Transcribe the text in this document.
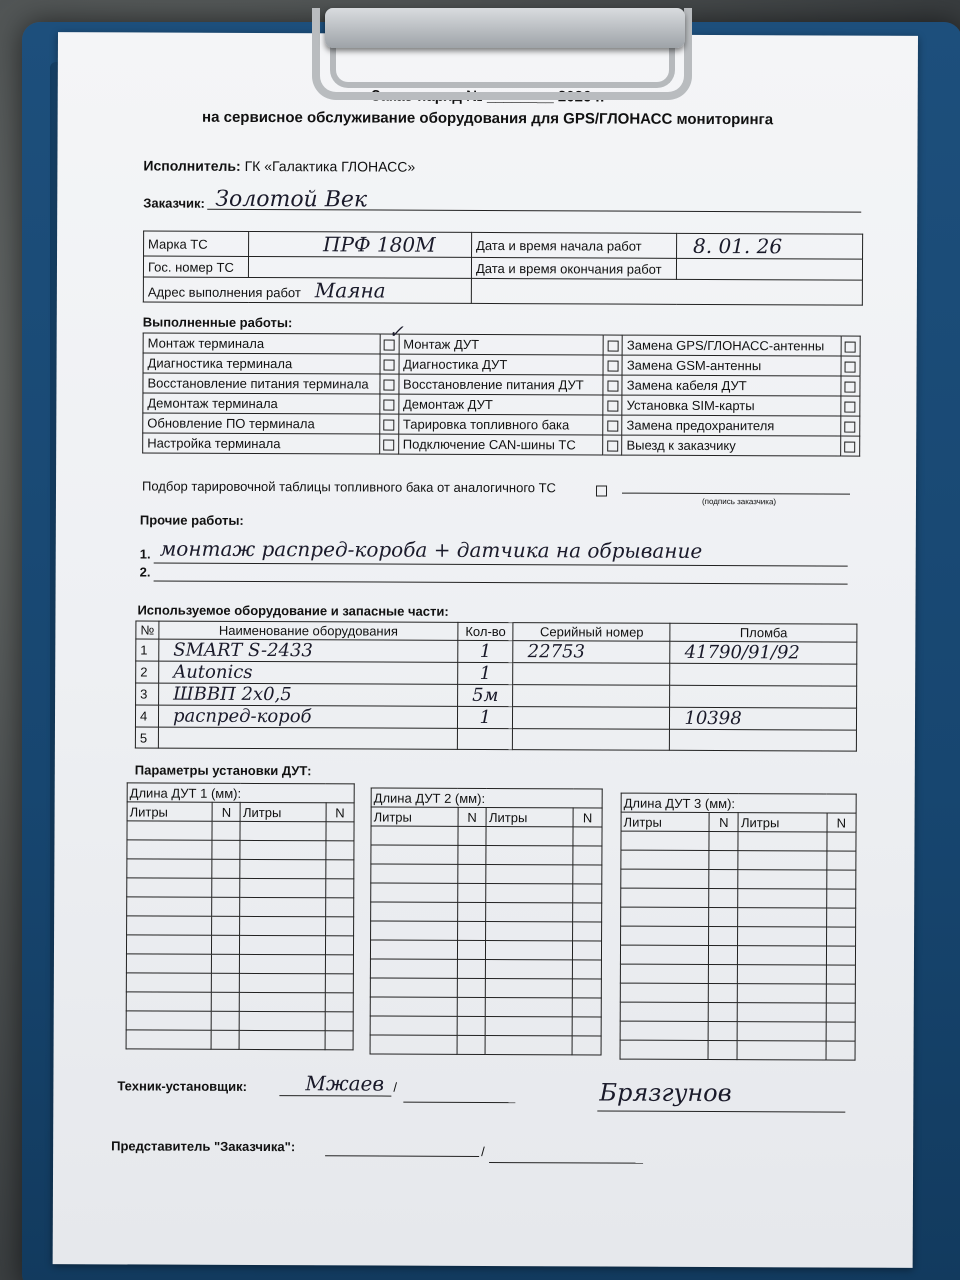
Заказ-наряд № ________ 2026 г.
на сервисное обслуживание оборудования для GPS/ГЛОНАСС мониторинга
Исполнитель: ГК «Галактика ГЛОНАСС»
Заказчик: Золотой Век
Марка ТС	ПРФ 180М	Дата и время начала работ	8. 01. 26
Гос. номер ТС		Дата и время окончания работ	
Адрес выполнения работ Маяна			
Выполненные работы:
Монтаж терминала		Монтаж ДУТ		Замена GPS/ГЛОНАСС-антенны	
Диагностика терминала		Диагностика ДУТ		Замена GSM-антенны	
Восстановление питания терминала		Восстановление питания ДУТ		Замена кабеля ДУТ	
Демонтаж терминала		Демонтаж ДУТ		Установка SIM-карты	
Обновление ПО терминала		Тарировка топливного бака		Замена предохранителя	
Настройка терминала		Подключение CAN-шины ТС		Выезд к заказчику	
✓
Подбор тарировочной таблицы топливного бака от аналогичного ТС
(подпись заказчика)
Прочие работы:
1. монтаж распред-короба + датчика на обрывание
2.
Используемое оборудование и запасные части:
№	Наименование оборудования	Кол-во	Серийный номер	Пломба
1	SMART S-2433	1	22753	41790/91/92
2	Autonics	1		
3	ШВВП 2х0,5	5м		
4	распред-короб	1		10398
5				
Параметры установки ДУТ:
Техник-установщик:	Мжаев /	Брязгунов
Представитель "Заказчика":	/
Длина ДУТ 1 (мм):			
Литры	N	Литры	N

Длина ДУТ 2 (мм):			
Литры	N	Литры	N

Длина ДУТ 3 (мм):			
Литры	N	Литры	N
